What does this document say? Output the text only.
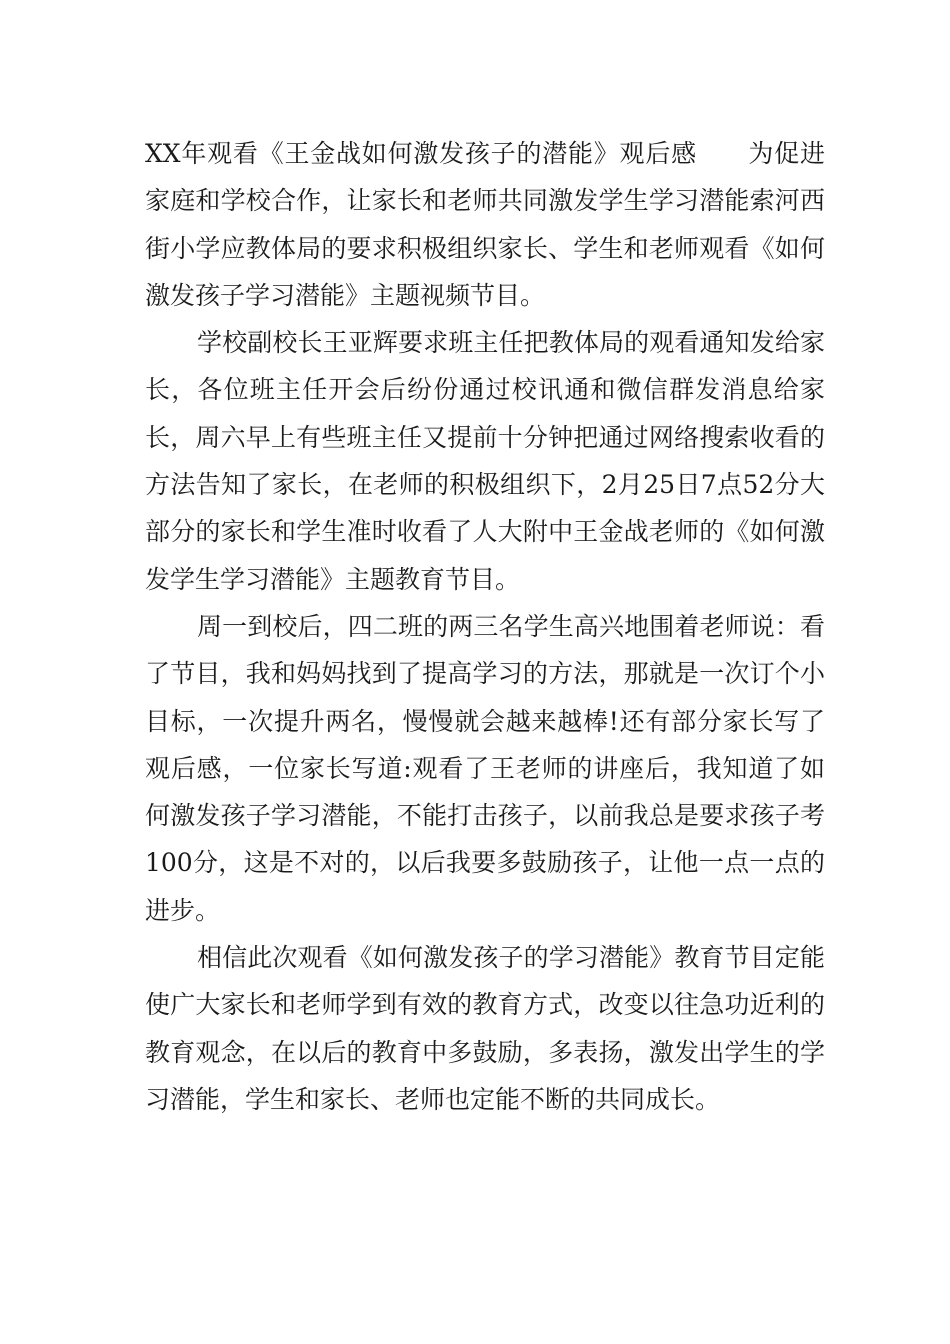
XX年观看《王金战如何激发孩子的潜能》观后感　　为促进家庭和学校合作，让家长和老师共同激发学生学习潜能索河西街小学应教体局的要求积极组织家长、学生和老师观看《如何激发孩子学习潜能》主题视频节目。

学校副校长王亚辉要求班主任把教体局的观看通知发给家长，各位班主任开会后纷份通过校讯通和微信群发消息给家长，周六早上有些班主任又提前十分钟把通过网络搜索收看的方法告知了家长，在老师的积极组织下，2月25日7点52分大部分的家长和学生准时收看了人大附中王金战老师的《如何激发学生学习潜能》主题教育节目。

周一到校后，四二班的两三名学生高兴地围着老师说：看了节目，我和妈妈找到了提高学习的方法，那就是一次订个小目标，一次提升两名，慢慢就会越来越棒!还有部分家长写了观后感，一位家长写道:观看了王老师的讲座后，我知道了如何激发孩子学习潜能，不能打击孩子，以前我总是要求孩子考100分，这是不对的，以后我要多鼓励孩子，让他一点一点的进步。

相信此次观看《如何激发孩子的学习潜能》教育节目定能使广大家长和老师学到有效的教育方式，改变以往急功近利的教育观念，在以后的教育中多鼓励，多表扬，激发出学生的学习潜能，学生和家长、老师也定能不断的共同成长。
